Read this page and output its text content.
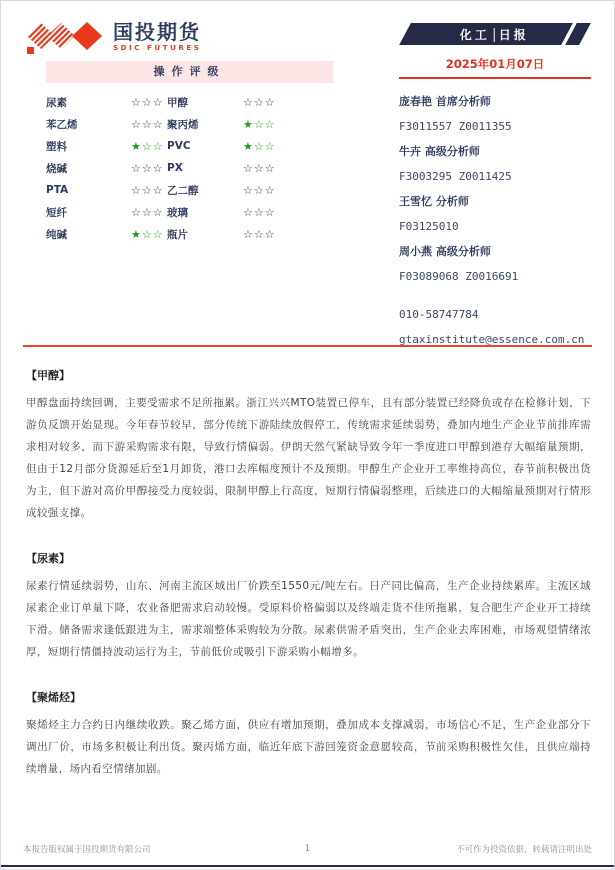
国投期货
SDIC FUTURES
化工 日报
2025年01月07日
操作评级
尿素	☆☆☆ 甲醇	☆☆☆
苯乙烯	☆☆☆ 聚丙烯	★☆☆
塑料	★☆☆ PVC	★☆☆
烧碱	☆☆☆ PX	☆☆☆
PTA	☆☆☆ 乙二醇	☆☆☆
短纤	☆☆☆ 玻璃	☆☆☆
纯碱	★☆☆ 瓶片	☆☆☆
庞春艳 首席分析师
F3011557 Z0011355
牛卉 高级分析师
F3003295 Z0011425
王雪忆 分析师
F03125010
周小燕 高级分析师
F03089068 Z0016691
010-58747784
gtaxinstitute@essence.com.cn
【甲醇】
甲醇盘面持续回调，主要受需求不足所拖累。浙江兴兴MTO装置已停车，且有部分装置已经降负或存在检修计划，下游负反馈开始显现。今年春节较早，部分传统下游陆续放假停工，传统需求延续弱势，叠加内地生产企业节前排库需求相对较多，而下游采购需求有限，导致行情偏弱。伊朗天然气紧缺导致今年一季度进口甲醇到港存大幅缩量预期，但由于12月部分货源延后至1月卸货，港口去库幅度预计不及预期。甲醇生产企业开工率维持高位，春节前积极出货为主，但下游对高价甲醇接受力度较弱，限制甲醇上行高度，短期行情偏弱整理，后续进口的大幅缩量预期对行情形成较强支撑。
【尿素】
尿素行情延续弱势，山东、河南主流区域出厂价跌至1550元/吨左右。日产同比偏高，生产企业持续累库。主流区域尿素企业订单量下降，农业备肥需求启动较慢。受原料价格偏弱以及终端走货不佳所拖累，复合肥生产企业开工持续下滑。储备需求逢低跟进为主，需求端整体采购较为分散。尿素供需矛盾突出，生产企业去库困难，市场观望情绪浓厚，短期行情僵持波动运行为主，节前低价或吸引下游采购小幅增多。
【聚烯烃】
聚烯烃主力合约日内继续收跌。聚乙烯方面，供应有增加预期，叠加成本支撑减弱，市场信心不足，生产企业部分下调出厂价，市场多积极让利出货。聚丙烯方面，临近年底下游回笼资金意愿较高，节前采购积极性欠佳，且供应端持续增量，场内看空情绪加剧。
本报告版权属于国投期货有限公司	1	不可作为投资依据，转载请注明出处
